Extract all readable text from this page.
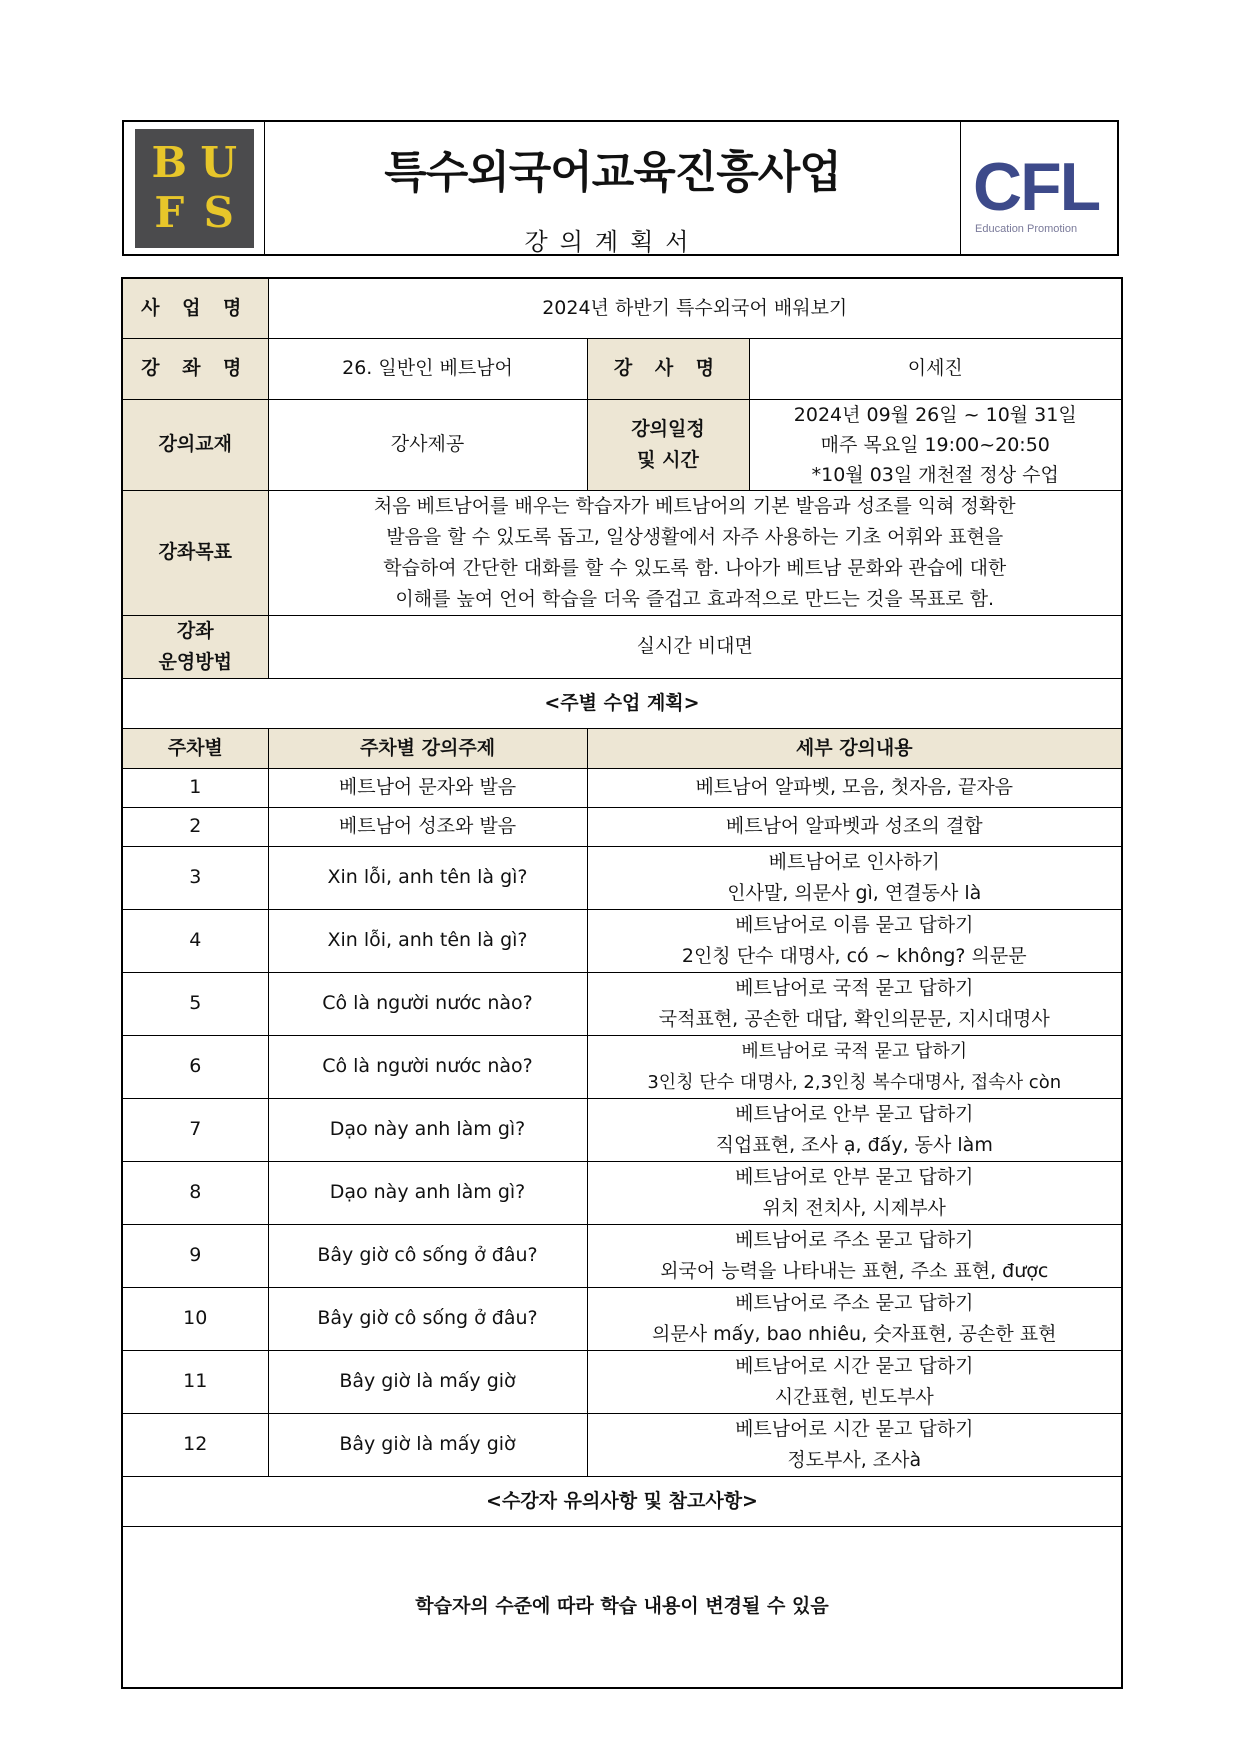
B U
F S
특수외국어교육진흥사업
강의계획서
CFL
Education Promotion
사 업 명	2024년 하반기 특수외국어 배워보기		
강 좌 명	26. 일반인 베트남어	강 사 명	이세진
강의교재	강사제공	강의일정
및 시간	2024년 09월 26일 ~ 10월 31일
매주 목요일 19:00~20:50
*10월 03일 개천절 정상 수업

강좌목표	처음 베트남어를 배우는 학습자가 베트남어의 기본 발음과 성조를 익혀 정확한
발음을 할 수 있도록 돕고, 일상생활에서 자주 사용하는 기초 어휘와 표현을
학습하여 간단한 대화를 할 수 있도록 함. 나아가 베트남 문화와 관습에 대한
이해를 높여 언어 학습을 더욱 즐겁고 효과적으로 만드는 것을 목표로 함.		

강좌
운영방법	실시간 비대면		
<주별 수업 계획>			
주차별	주차별 강의주제	세부 강의내용	
1	베트남어 문자와 발음	베트남어 알파벳, 모음, 첫자음, 끝자음	

2	베트남어 성조와 발음	베트남어 알파벳과 성조의 결합	

3	Xin lỗi, anh tên là gì?	베트남어로 인사하기
인사말, 의문사 gì, 연결동사 là	

4	Xin lỗi, anh tên là gì?	베트남어로 이름 묻고 답하기
2인칭 단수 대명사, có ~ không? 의문문	

5	Cô là người nước nào?	베트남어로 국적 묻고 답하기
국적표현, 공손한 대답, 확인의문문, 지시대명사	

6	Cô là người nước nào?	베트남어로 국적 묻고 답하기
3인칭 단수 대명사, 2,3인칭 복수대명사, 접속사 còn	

7	Dạo này anh làm gì?	베트남어로 안부 묻고 답하기
직업표현, 조사 ạ, đấy, 동사 làm	

8	Dạo này anh làm gì?	베트남어로 안부 묻고 답하기
위치 전치사, 시제부사	

9	Bây giờ cô sống ở đâu?	베트남어로 주소 묻고 답하기
외국어 능력을 나타내는 표현, 주소 표현, được	

10	Bây giờ cô sống ở đâu?	베트남어로 주소 묻고 답하기
의문사 mấy, bao nhiêu, 숫자표현, 공손한 표현	

11	Bây giờ là mấy giờ	베트남어로 시간 묻고 답하기
시간표현, 빈도부사	

12	Bây giờ là mấy giờ	베트남어로 시간 묻고 답하기
정도부사, 조사à	

<수강자 유의사항 및 참고사항>			
학습자의 수준에 따라 학습 내용이 변경될 수 있음			
